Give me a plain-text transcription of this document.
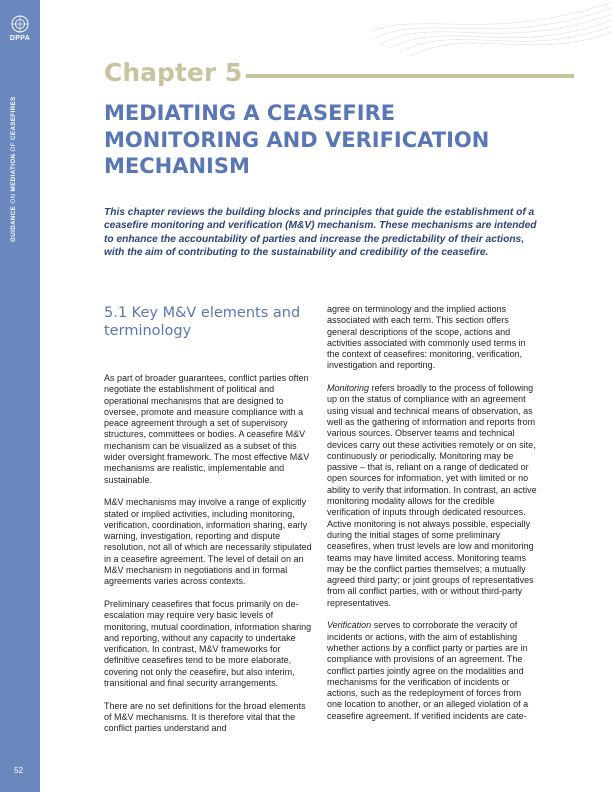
DPPA
GUIDANCE ON MEDIATION OF CEASEFIRES
52
Chapter 5
MEDIATING A CEASEFIRE
MONITORING AND VERIFICATION
MECHANISM

This chapter reviews the building blocks and principles that guide the establishment of a ceasefire monitoring and verification (M&V) mechanism. These mechanisms are intended to enhance the accountability of parties and increase the predictability of their actions, with the aim of contributing to the sustainability and credibility of the ceasefire.

5.1 Key M&V elements and terminology

As part of broader guarantees, conflict parties often negotiate the establishment of political and operational mechanisms that are designed to oversee, promote and measure compliance with a peace agreement through a set of supervisory structures, committees or bodies. A ceasefire M&V mechanism can be visualized as a subset of this wider oversight framework. The most effective M&V mechanisms are realistic, implementable and sustainable.

M&V mechanisms may involve a range of explicitly stated or implied activities, including monitoring, verification, coordination, information sharing, early warning, investigation, reporting and dispute resolution, not all of which are necessarily stipulated in a ceasefire agreement. The level of detail on an M&V mechanism in negotiations and in formal agreements varies across contexts.

Preliminary ceasefires that focus primarily on de-escalation may require very basic levels of monitoring, mutual coordination, information sharing and reporting, without any capacity to undertake verification. In contrast, M&V frameworks for definitive ceasefires tend to be more elaborate, covering not only the ceasefire, but also interim, transitional and final security arrangements.

There are no set definitions for the broad elements of M&V mechanisms. It is therefore vital that the conflict parties understand and

agree on terminology and the implied actions associated with each term. This section offers general descriptions of the scope, actions and activities associated with commonly used terms in the context of ceasefires: monitoring, verification, investigation and reporting.

Monitoring refers broadly to the process of following up on the status of compliance with an agreement using visual and technical means of observation, as well as the gathering of information and reports from various sources. Observer teams and technical devices carry out these activities remotely or on site, continuously or periodically. Monitoring may be passive – that is, reliant on a range of dedicated or open sources for information, yet with limited or no ability to verify that information. In contrast, an active monitoring modality allows for the credible verification of inputs through dedicated resources. Active monitoring is not always possible, especially during the initial stages of some preliminary ceasefires, when trust levels are low and monitoring teams may have limited access. Monitoring teams may be the conflict parties themselves; a mutually agreed third party; or joint groups of representatives from all conflict parties, with or without third-party representatives.

Verification serves to corroborate the veracity of incidents or actions, with the aim of establishing whether actions by a conflict party or parties are in compliance with provisions of an agreement. The conflict parties jointly agree on the modalities and mechanisms for the verification of incidents or actions, such as the redeployment of forces from one location to another, or an alleged violation of a ceasefire agreement. If verified incidents are cate-
